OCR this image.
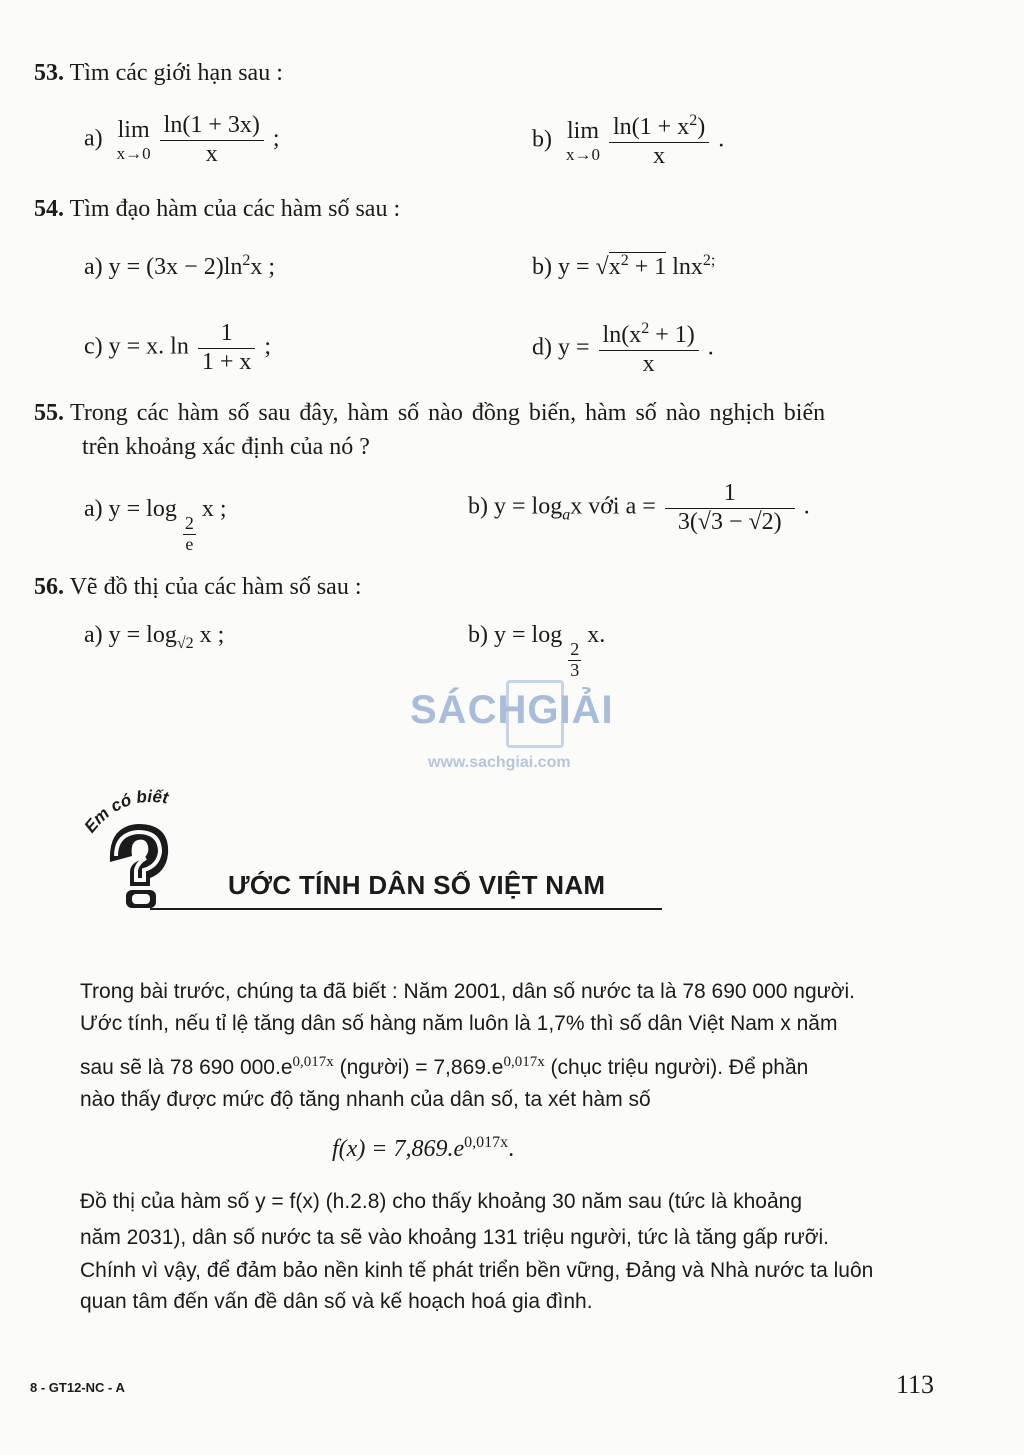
53. Tìm các giới hạn sau :
a) lim
x→0
$\frac{\ln(1 + 3x)}{x}$ ;	b) lim
x→0
$\frac{\ln(1 + x^2)}{x}$ .
54. Tìm đạo hàm của các hàm số sau :
a) $y = (3x - 2)\ln^2x$ ;	b) $y = √x^2 + 1$ lnx$^{2;}$
c) y = x. $\ln \frac{1}{1 + x}$ ;	d) $y = \frac{\ln(x^2 + 1)}{x}$ .
55. Trong các hàm số sau đây, hàm số nào đồng biến, hàm số nào nghịch biến
trên khoảng xác định của nó ?
a) y = log
$\frac{2}{e}$
x ;	b) $y = \log_ax$ với $a = \frac{1}{3(√3 - √2)}$ .
56. Vẽ đồ thị của các hàm số sau :
a) $y = \log_{√2} x$ ;	b) y = log
$\frac{2}{3}$
x.
SÁCHGIẢI
www.sachgiai.com
Em có biết
ƯỚC TÍNH DÂN SỐ VIỆT NAM
Trong bài trước, chúng ta đã biết : Năm 2001, dân số nước ta là 78 690 000 người.
Ước tính, nếu tỉ lệ tăng dân số hàng năm luôn là 1,7% thì số dân Việt Nam x năm
sau sẽ là 78 690 $000.e^{0,017x}$ (người) = $7,869.e^{0,017x}$ (chục triệu người). Để phần
nào thấy được mức độ tăng nhanh của dân số, ta xét hàm số
$f(x) = 7,869.e^{0,017x}$.
Đồ thị của hàm số y = f(x) (h.2.8) cho thấy khoảng 30 năm sau (tức là khoảng
năm 2031), dân số nước ta sẽ vào khoảng 131 triệu người, tức là tăng gấp rưỡi.
Chính vì vậy, để đảm bảo nền kinh tế phát triển bền vững, Đảng và Nhà nước ta luôn
quan tâm đến vấn đề dân số và kế hoạch hoá gia đình.
8 - GT12-NC - A	113
